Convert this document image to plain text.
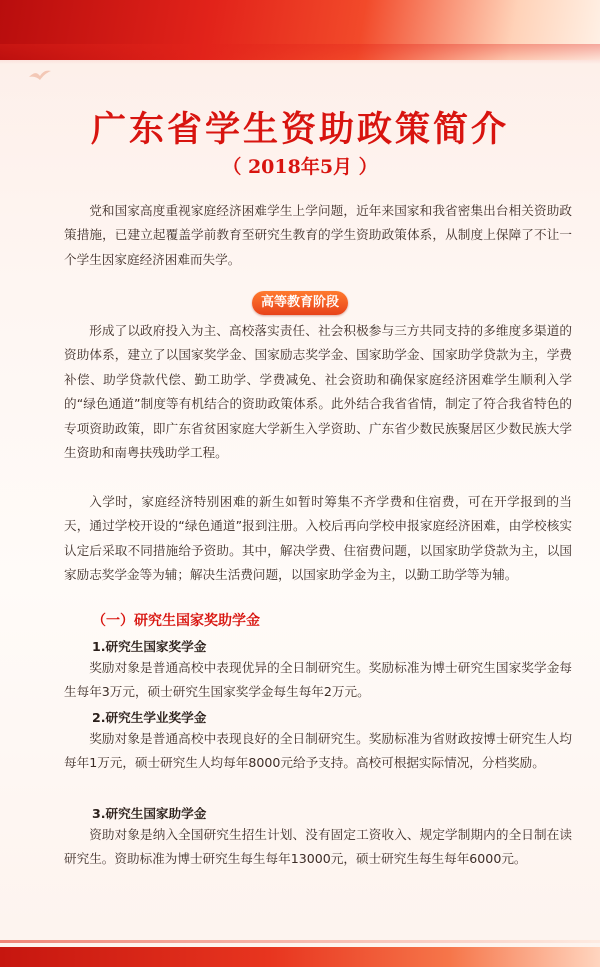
广东省学生资助政策简介
（ 2018年5月 ）

党和国家高度重视家庭经济困难学生上学问题，近年来国家和我省密集出台相关资助政策措施，已建立起覆盖学前教育至研究生教育的学生资助政策体系，从制度上保障了不让一个学生因家庭经济困难而失学。

高等教育阶段

形成了以政府投入为主、高校落实责任、社会积极参与三方共同支持的多维度多渠道的资助体系，建立了以国家奖学金、国家励志奖学金、国家助学金、国家助学贷款为主，学费补偿、助学贷款代偿、勤工助学、学费减免、社会资助和确保家庭经济困难学生顺利入学的“绿色通道”制度等有机结合的资助政策体系。此外结合我省省情，制定了符合我省特色的专项资助政策，即广东省贫困家庭大学新生入学资助、广东省少数民族聚居区少数民族大学生资助和南粤扶残助学工程。

入学时，家庭经济特别困难的新生如暂时筹集不齐学费和住宿费，可在开学报到的当天，通过学校开设的“绿色通道”报到注册。入校后再向学校申报家庭经济困难，由学校核实认定后采取不同措施给予资助。其中，解决学费、住宿费问题，以国家助学贷款为主，以国家励志奖学金等为辅；解决生活费问题，以国家助学金为主，以勤工助学等为辅。

（一）研究生国家奖助学金
1.研究生国家奖学金

奖励对象是普通高校中表现优异的全日制研究生。奖励标准为博士研究生国家奖学金每生每年3万元，硕士研究生国家奖学金每生每年2万元。

2.研究生学业奖学金

奖励对象是普通高校中表现良好的全日制研究生。奖励标准为省财政按博士研究生人均每年1万元，硕士研究生人均每年8000元给予支持。高校可根据实际情况，分档奖励。

3.研究生国家助学金

资助对象是纳入全国研究生招生计划、没有固定工资收入、规定学制期内的全日制在读研究生。资助标准为博士研究生每生每年13000元，硕士研究生每生每年6000元。
